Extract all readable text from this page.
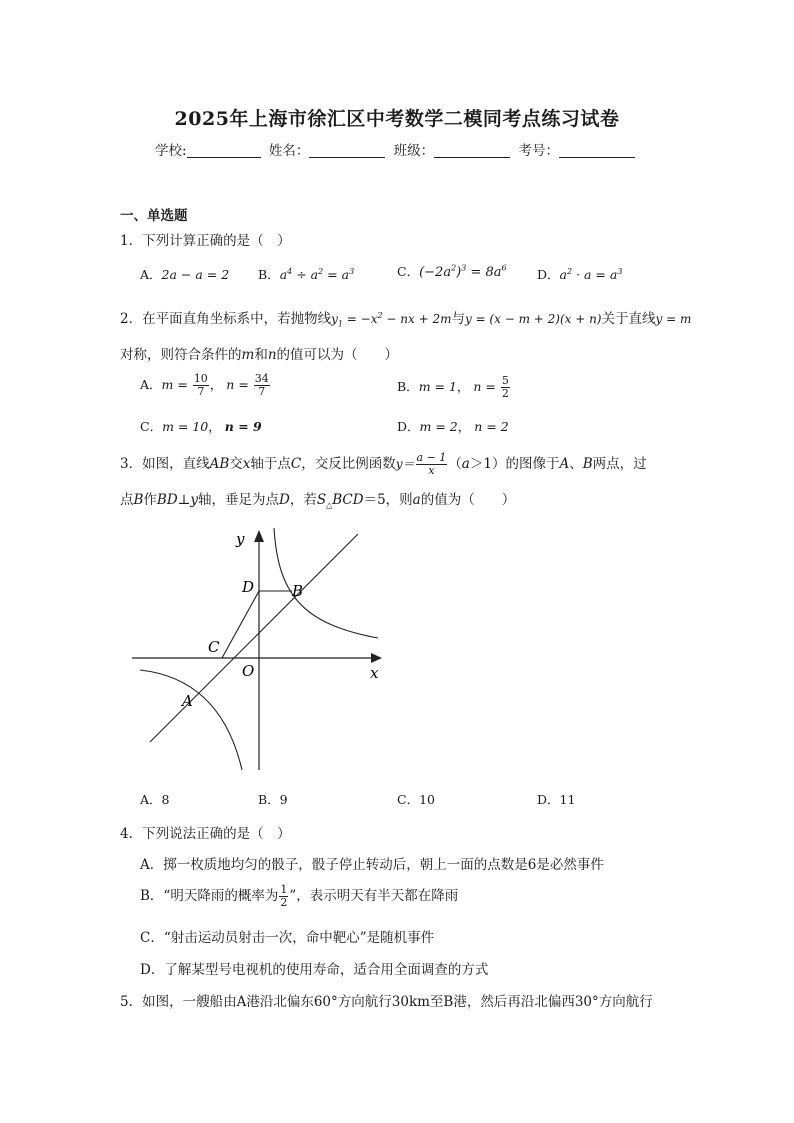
2025年上海市徐汇区中考数学二模同考点练习试卷
学校:	姓名：	班级：	考号：
一、单选题
1．下列计算正确的是（　）
A．2a − a = 2 B．$a^4 \div a^2 = a^3$	C．$(-2a^2)^3 = 8a^6$ D．$a^2 \cdot a = a^3$
2．在平面直角坐标系中，若抛物线$y_1 = -x^2$ − nx + 2m与y = (x − m + 2)(x + n)关于直线y = m
对称，则符合条件的m和n的值可以为（　　）
A．$m = \frac{10}{7}$ ， $n = \frac{34}{7}$	B．m = 1， $n = \frac{5}{2}$
C．m = 10， n = 9	D．m = 2， n = 2
3．如图，直线AB交x轴于点C，交反比例函数$y= \frac{a - 1}{x} (a>1)$的图像于A、B两点，过
点B作BD⊥y轴，垂足为点D，若$S_\triangle BCD=5$，则a的值为（　　）
y
x
D	B
C
O
A
A．8	B．9	C．10	D．11
4．下列说法正确的是（　）
A．掷一枚质地均匀的骰子，骰子停止转动后，朝上一面的点数是6是必然事件
B．“明天降雨的概率为 $\frac{1}{2}$ ”，表示明天有半天都在降雨
C．“射击运动员射击一次，命中靶心”是随机事件
D．了解某型号电视机的使用寿命，适合用全面调查的方式
5．如图，一艘船由A港沿北偏东60°方向航行30km至B港，然后再沿北偏西30°方向航行
